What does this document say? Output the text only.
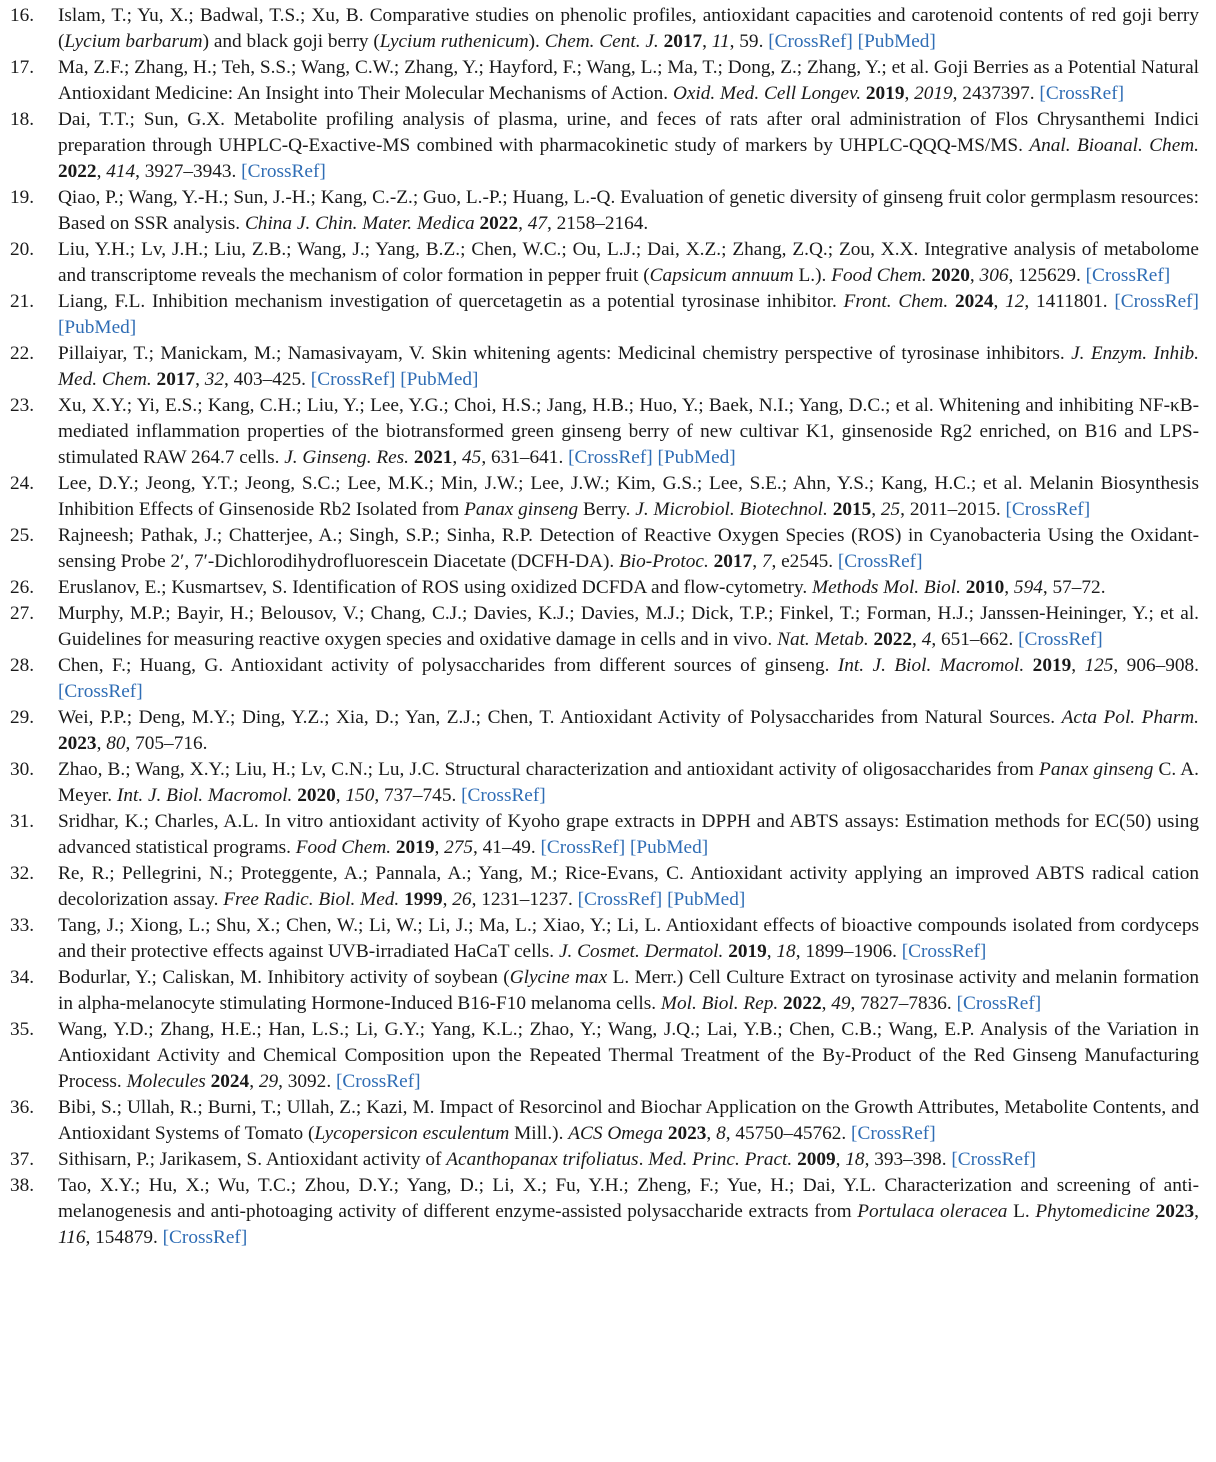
16.	Islam, T.; Yu, X.; Badwal, T.S.; Xu, B. Comparative studies on phenolic profiles, antioxidant capacities and carotenoid contents of red goji berry (Lycium barbarum) and black goji berry (Lycium ruthenicum). Chem. Cent. J. 2017, 11, 59. [CrossRef] [PubMed]
17.	Ma, Z.F.; Zhang, H.; Teh, S.S.; Wang, C.W.; Zhang, Y.; Hayford, F.; Wang, L.; Ma, T.; Dong, Z.; Zhang, Y.; et al. Goji Berries as a Potential Natural Antioxidant Medicine: An Insight into Their Molecular Mechanisms of Action. Oxid. Med. Cell Longev. 2019, 2019, 2437397. [CrossRef]
18.	Dai, T.T.; Sun, G.X. Metabolite profiling analysis of plasma, urine, and feces of rats after oral administration of Flos Chrysanthemi Indici preparation through UHPLC-Q-Exactive-MS combined with pharmacokinetic study of markers by UHPLC-QQQ-MS/MS. Anal. Bioanal. Chem. 2022, 414, 3927–3943. [CrossRef]
19.	Qiao, P.; Wang, Y.-H.; Sun, J.-H.; Kang, C.-Z.; Guo, L.-P.; Huang, L.-Q. Evaluation of genetic diversity of ginseng fruit color germplasm resources: Based on SSR analysis. China J. Chin. Mater. Medica 2022, 47, 2158–2164.
20.	Liu, Y.H.; Lv, J.H.; Liu, Z.B.; Wang, J.; Yang, B.Z.; Chen, W.C.; Ou, L.J.; Dai, X.Z.; Zhang, Z.Q.; Zou, X.X. Integrative analysis of metabolome and transcriptome reveals the mechanism of color formation in pepper fruit (Capsicum annuum L.). Food Chem. 2020, 306, 125629. [CrossRef]
21.	Liang, F.L. Inhibition mechanism investigation of quercetagetin as a potential tyrosinase inhibitor. Front. Chem. 2024, 12, 1411801. [CrossRef] [PubMed]
22.	Pillaiyar, T.; Manickam, M.; Namasivayam, V. Skin whitening agents: Medicinal chemistry perspective of tyrosinase inhibitors. J. Enzym. Inhib. Med. Chem. 2017, 32, 403–425. [CrossRef] [PubMed]
23.	Xu, X.Y.; Yi, E.S.; Kang, C.H.; Liu, Y.; Lee, Y.G.; Choi, H.S.; Jang, H.B.; Huo, Y.; Baek, N.I.; Yang, D.C.; et al. Whitening and inhibiting NF-κB-mediated inflammation properties of the biotransformed green ginseng berry of new cultivar K1, ginsenoside Rg2 enriched, on B16 and LPS-stimulated RAW 264.7 cells. J. Ginseng. Res. 2021, 45, 631–641. [CrossRef] [PubMed]
24.	Lee, D.Y.; Jeong, Y.T.; Jeong, S.C.; Lee, M.K.; Min, J.W.; Lee, J.W.; Kim, G.S.; Lee, S.E.; Ahn, Y.S.; Kang, H.C.; et al. Melanin Biosynthesis Inhibition Effects of Ginsenoside Rb2 Isolated from Panax ginseng Berry. J. Microbiol. Biotechnol. 2015, 25, 2011–2015. [CrossRef]
25.	Rajneesh; Pathak, J.; Chatterjee, A.; Singh, S.P.; Sinha, R.P. Detection of Reactive Oxygen Species (ROS) in Cyanobacteria Using the Oxidant-sensing Probe 2′, 7′-Dichlorodihydrofluorescein Diacetate (DCFH-DA). Bio-Protoc. 2017, 7, e2545. [CrossRef]
26.	Eruslanov, E.; Kusmartsev, S. Identification of ROS using oxidized DCFDA and flow-cytometry. Methods Mol. Biol. 2010, 594, 57–72.
27.	Murphy, M.P.; Bayir, H.; Belousov, V.; Chang, C.J.; Davies, K.J.; Davies, M.J.; Dick, T.P.; Finkel, T.; Forman, H.J.; Janssen-Heininger, Y.; et al. Guidelines for measuring reactive oxygen species and oxidative damage in cells and in vivo. Nat. Metab. 2022, 4, 651–662. [CrossRef]
28.	Chen, F.; Huang, G. Antioxidant activity of polysaccharides from different sources of ginseng. Int. J. Biol. Macromol. 2019, 125, 906–908. [CrossRef]
29.	Wei, P.P.; Deng, M.Y.; Ding, Y.Z.; Xia, D.; Yan, Z.J.; Chen, T. Antioxidant Activity of Polysaccharides from Natural Sources. Acta Pol. Pharm. 2023, 80, 705–716.
30.	Zhao, B.; Wang, X.Y.; Liu, H.; Lv, C.N.; Lu, J.C. Structural characterization and antioxidant activity of oligosaccharides from Panax ginseng C. A. Meyer. Int. J. Biol. Macromol. 2020, 150, 737–745. [CrossRef]
31.	Sridhar, K.; Charles, A.L. In vitro antioxidant activity of Kyoho grape extracts in DPPH and ABTS assays: Estimation methods for EC(50) using advanced statistical programs. Food Chem. 2019, 275, 41–49. [CrossRef] [PubMed]
32.	Re, R.; Pellegrini, N.; Proteggente, A.; Pannala, A.; Yang, M.; Rice-Evans, C. Antioxidant activity applying an improved ABTS radical cation decolorization assay. Free Radic. Biol. Med. 1999, 26, 1231–1237. [CrossRef] [PubMed]
33.	Tang, J.; Xiong, L.; Shu, X.; Chen, W.; Li, W.; Li, J.; Ma, L.; Xiao, Y.; Li, L. Antioxidant effects of bioactive compounds isolated from cordyceps and their protective effects against UVB-irradiated HaCaT cells. J. Cosmet. Dermatol. 2019, 18, 1899–1906. [CrossRef]
34.	Bodurlar, Y.; Caliskan, M. Inhibitory activity of soybean (Glycine max L. Merr.) Cell Culture Extract on tyrosinase activity and melanin formation in alpha-melanocyte stimulating Hormone-Induced B16-F10 melanoma cells. Mol. Biol. Rep. 2022, 49, 7827–7836. [CrossRef]
35.	Wang, Y.D.; Zhang, H.E.; Han, L.S.; Li, G.Y.; Yang, K.L.; Zhao, Y.; Wang, J.Q.; Lai, Y.B.; Chen, C.B.; Wang, E.P. Analysis of the Variation in Antioxidant Activity and Chemical Composition upon the Repeated Thermal Treatment of the By-Product of the Red Ginseng Manufacturing Process. Molecules 2024, 29, 3092. [CrossRef]
36.	Bibi, S.; Ullah, R.; Burni, T.; Ullah, Z.; Kazi, M. Impact of Resorcinol and Biochar Application on the Growth Attributes, Metabolite Contents, and Antioxidant Systems of Tomato (Lycopersicon esculentum Mill.). ACS Omega 2023, 8, 45750–45762. [CrossRef]
37.	Sithisarn, P.; Jarikasem, S. Antioxidant activity of Acanthopanax trifoliatus. Med. Princ. Pract. 2009, 18, 393–398. [CrossRef]
38.	Tao, X.Y.; Hu, X.; Wu, T.C.; Zhou, D.Y.; Yang, D.; Li, X.; Fu, Y.H.; Zheng, F.; Yue, H.; Dai, Y.L. Characterization and screening of anti-melanogenesis and anti-photoaging activity of different enzyme-assisted polysaccharide extracts from Portulaca oleracea L. Phytomedicine 2023, 116, 154879. [CrossRef]
